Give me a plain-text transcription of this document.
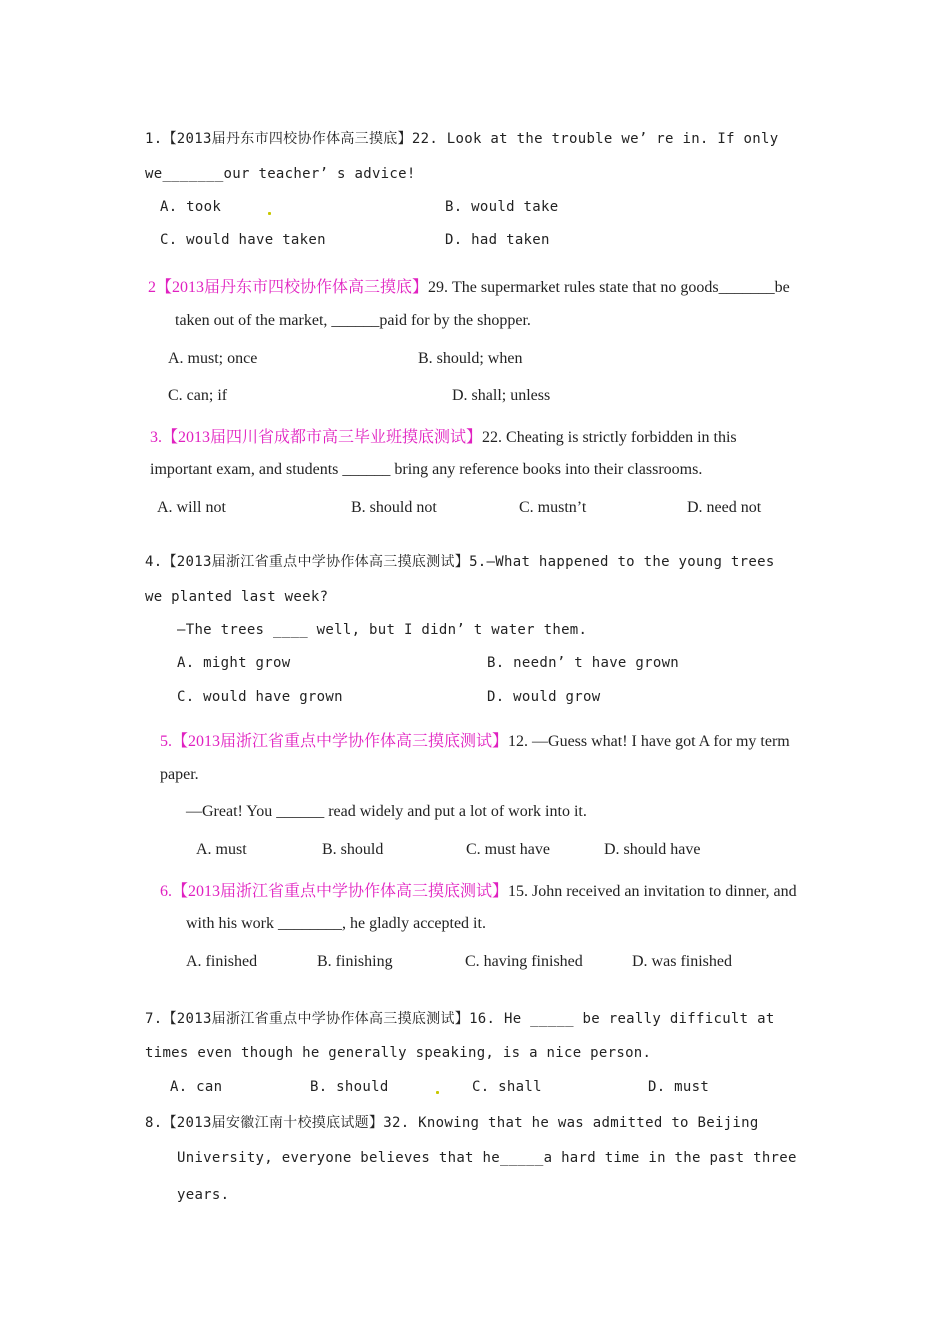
1.【2013届丹东市四校协作体高三摸底】22. Look at the trouble we’ re in. If only
we_______our teacher’ s advice!
A. took	B. would take
C. would have taken	D. had taken
2【2013届丹东市四校协作体高三摸底】29. The supermarket rules state that no goods_______be
taken out of the market, ______paid for by the shopper.
A. must; once	B. should; when
C. can; if	D. shall; unless
3.【2013届四川省成都市高三毕业班摸底测试】22. Cheating is strictly forbidden in this
important exam, and students ______ bring any reference books into their classrooms.
A. will not	B. should not	C. mustn’t	D. need not
4.【2013届浙江省重点中学协作体高三摸底测试】5.—What happened to the young trees
we planted last week?
—The trees ____ well, but I didn’ t water them.
A. might grow	B. needn’ t have grown
C. would have grown	D. would grow
5.【2013届浙江省重点中学协作体高三摸底测试】12. —Guess what! I have got A for my term
paper.
—Great! You ______ read widely and put a lot of work into it.
A. must	B. should	C. must have	D. should have
6.【2013届浙江省重点中学协作体高三摸底测试】15. John received an invitation to dinner, and
with his work ________, he gladly accepted it.
A. finished	B. finishing	C. having finished	D. was finished
7.【2013届浙江省重点中学协作体高三摸底测试】16. He _____ be really difficult at
times even though he generally speaking, is a nice person.
A. can	B. should	C. shall	D. must
8.【2013届安徽江南十校摸底试题】32. Knowing that he was admitted to Beijing
University, everyone believes that he_____a hard time in the past three
years.
